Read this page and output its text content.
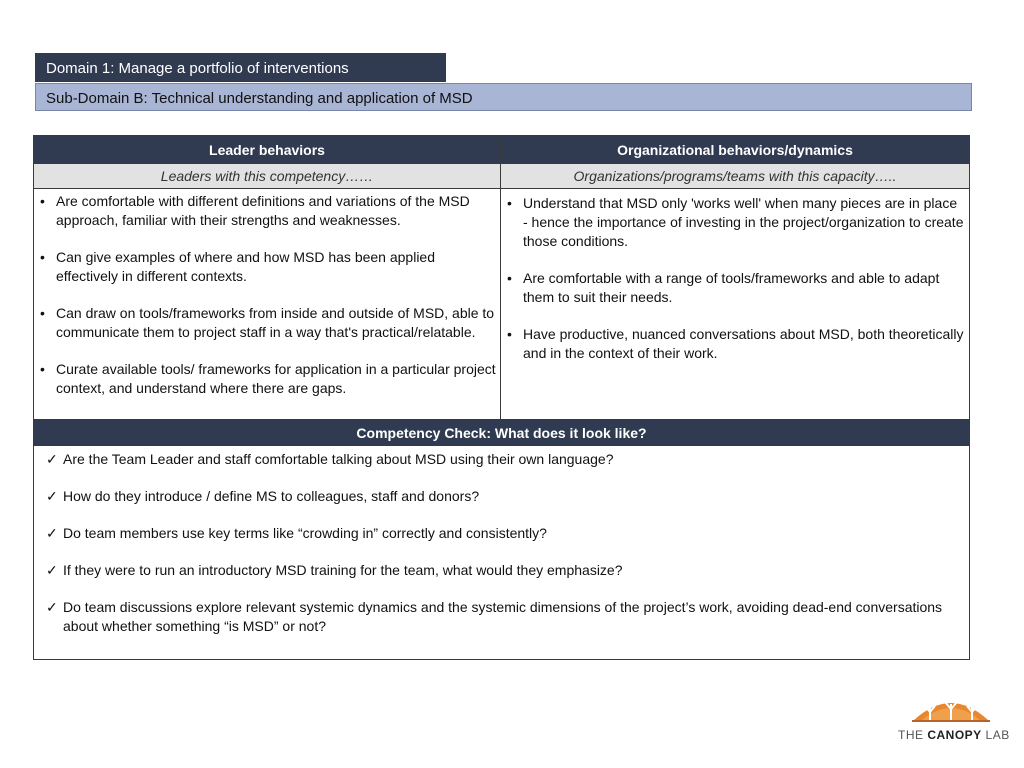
Domain 1: Manage a portfolio of interventions
Sub-Domain B: Technical understanding and application of MSD
Leader behaviors	Organizational behaviors/dynamics
Leaders with this competency……	Organizations/programs/teams with this capacity…..
• Are comfortable with different definitions and variations of the MSD approach, familiar with their strengths and weaknesses.
• Can give examples of where and how MSD has been applied effectively in different contexts.
• Can draw on tools/frameworks from inside and outside of MSD, able to communicate them to project staff in a way that's practical/relatable.
• Curate available tools/ frameworks for application in a particular project context, and understand where there are gaps.
• Understand that MSD only 'works well' when many pieces are in place - hence the importance of investing in the project/organization to create those conditions.
• Are comfortable with a range of tools/frameworks and able to adapt them to suit their needs.
• Have productive, nuanced conversations about MSD, both theoretically and in the context of their work.
Competency Check: What does it look like?
✓ Are the Team Leader and staff comfortable talking about MSD using their own language?
✓ How do they introduce / define MS to colleagues, staff and donors?
✓ Do team members use key terms like “crowding in” correctly and consistently?
✓ If they were to run an introductory MSD training for the team, what would they emphasize?
✓ Do team discussions explore relevant systemic dynamics and the systemic dimensions of the project’s work, avoiding dead-end conversations about whether something “is MSD” or not?
THE CANOPY LAB
